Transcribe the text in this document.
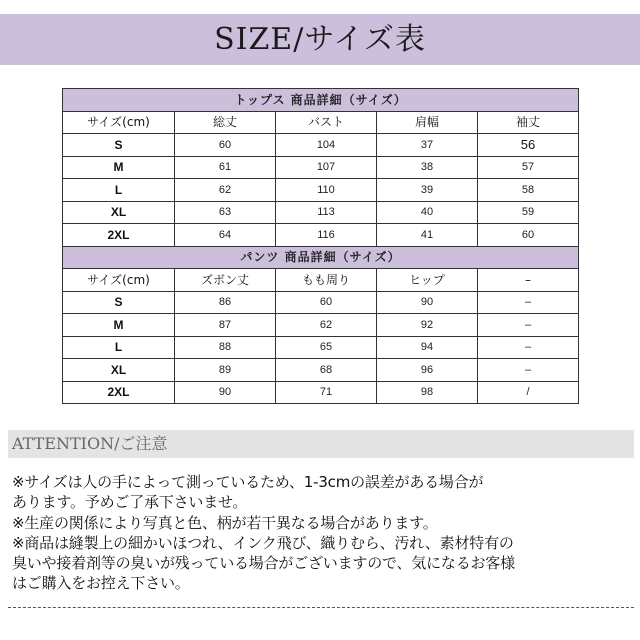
SIZE/サイズ表
トップス 商品詳細（サイズ）				
サイズ(cm)	総丈	バスト	肩幅	袖丈
S	60	104	37	56
M	61	107	38	57
L	62	110	39	58
XL	63	113	40	59
2XL	64	116	41	60
パンツ 商品詳細（サイズ）				
サイズ(cm)	ズボン丈	もも周り	ヒップ	–
S	86	60	90	–
M	87	62	92	–
L	88	65	94	–
XL	89	68	96	–
2XL	90	71	98	/
ATTENTION/ご注意
※サイズは人の手によって測っているため、1-3cmの誤差がある場合が
あります。予めご了承下さいませ。
※生産の関係により写真と色、柄が若干異なる場合があります。
※商品は縫製上の細かいほつれ、インク飛び、織りむら、汚れ、素材特有の
臭いや接着剤等の臭いが残っている場合がございますので、気になるお客様
はご購入をお控え下さい。
